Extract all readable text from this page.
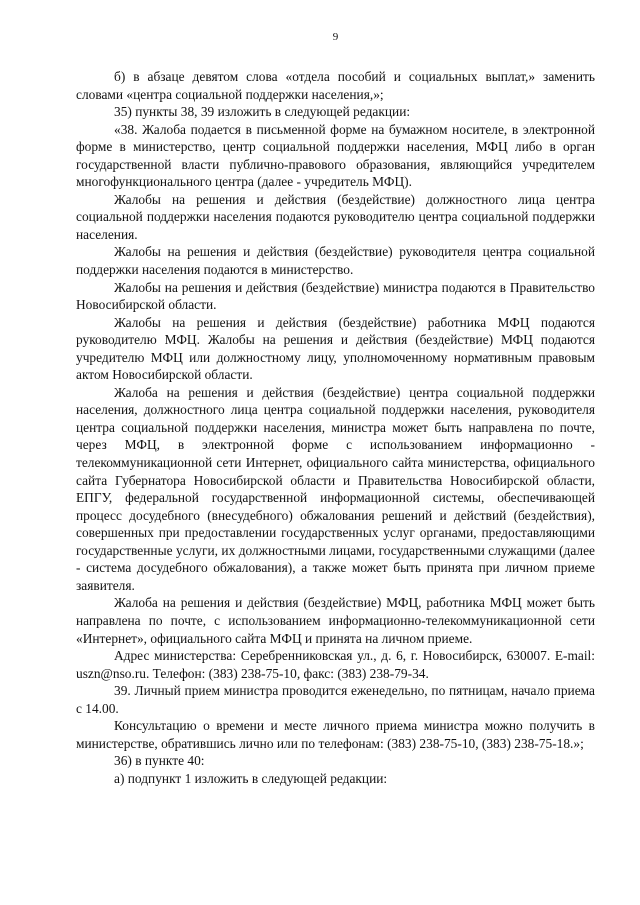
9

б) в абзаце девятом слова «отдела пособий и социальных выплат,» заменить словами «центра социальной поддержки населения,»;

35) пункты 38, 39 изложить в следующей редакции:

«38. Жалоба подается в письменной форме на бумажном носителе, в электронной форме в министерство, центр социальной поддержки населения, МФЦ либо в орган государственной власти публично-правового образования, являющийся учредителем многофункционального центра (далее - учредитель МФЦ).

Жалобы на решения и действия (бездействие) должностного лица центра социальной поддержки населения подаются руководителю центра социальной поддержки населения.

Жалобы на решения и действия (бездействие) руководителя центра социальной поддержки населения подаются в министерство.

Жалобы на решения и действия (бездействие) министра подаются в Правительство Новосибирской области.

Жалобы на решения и действия (бездействие) работника МФЦ подаются руководителю МФЦ. Жалобы на решения и действия (бездействие) МФЦ подаются учредителю МФЦ или должностному лицу, уполномоченному нормативным правовым актом Новосибирской области.

Жалоба на решения и действия (бездействие) центра социальной поддержки населения, должностного лица центра социальной поддержки населения, руководителя центра социальной поддержки населения, министра может быть направлена по почте, через МФЦ, в электронной форме с использованием информационно - телекоммуникационной сети Интернет, официального сайта министерства, официального сайта Губернатора Новосибирской области и Правительства Новосибирской области, ЕПГУ, федеральной государственной информационной системы, обеспечивающей процесс досудебного (внесудебного) обжалования решений и действий (бездействия), совершенных при предоставлении государственных услуг органами, предоставляющими государственные услуги, их должностными лицами, государственными служащими (далее - система досудебного обжалования), а также может быть принята при личном приеме заявителя.

Жалоба на решения и действия (бездействие) МФЦ, работника МФЦ может быть направлена по почте, с использованием информационно-телекоммуникационной сети «Интернет», официального сайта МФЦ и принята на личном приеме.

Адрес министерства: Серебренниковская ул., д. 6, г. Новосибирск, 630007. E-mail: uszn@nso.ru. Телефон: (383) 238-75-10, факс: (383) 238-79-34.

39. Личный прием министра проводится еженедельно, по пятницам, начало приема с 14.00.

Консультацию о времени и месте личного приема министра можно получить в министерстве, обратившись лично или по телефонам: (383) 238-75-10, (383) 238-75-18.»;

36) в пункте 40:

а) подпункт 1 изложить в следующей редакции:
